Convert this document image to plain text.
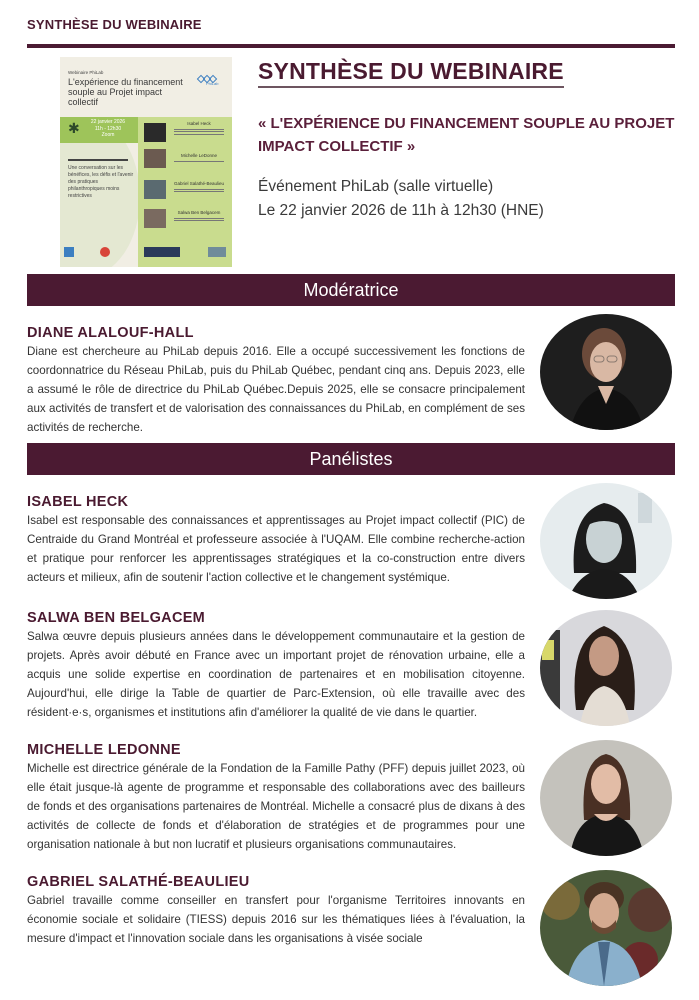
SYNTHÈSE DU WEBINAIRE
Webinaire PhiLab
L'expérience du financement souple au Projet impact collectif
PhiLab
✱	22 janvier 2026
11h - 12h30
Zoom
Une conversation sur les bénéfices, les défis et l'avenir des pratiques philanthropiques moins restrictives
Isabel Heck
Michelle LeDonne
Gabriel Salathé-Beaulieu
Salwa Ben Belgacem
SYNTHÈSE DU WEBINAIRE
« L'EXPÉRIENCE DU FINANCEMENT SOUPLE AU PROJET IMPACT COLLECTIF »
Événement PhiLab (salle virtuelle)
Le 22 janvier 2026 de 11h à 12h30 (HNE)
Modératrice
DIANE ALALOUF-HALL
Diane est chercheure au PhiLab depuis 2016. Elle a occupé successivement les fonctions de coordonnatrice du Réseau PhiLab, puis du PhiLab Québec, pendant cinq ans. Depuis 2023, elle a assumé le rôle de directrice du PhiLab Québec.Depuis 2025, elle se consacre principalement aux activités de transfert et de valorisation des connaissances du PhiLab, en complément de ses activités de recherche.
Panélistes
ISABEL HECK
Isabel est responsable des connaissances et apprentissages au Projet impact collectif (PIC) de Centraide du Grand Montréal et professeure associée à l'UQAM. Elle combine recherche-action et pratique pour renforcer les apprentissages stratégiques et la co-construction entre divers acteurs et milieux, afin de soutenir l'action collective et le changement systémique.
SALWA BEN BELGACEM
Salwa œuvre depuis plusieurs années dans le développement communautaire et la gestion de projets. Après avoir débuté en France avec un important projet de rénovation urbaine, elle a acquis une solide expertise en coordination de partenaires et en mobilisation citoyenne. Aujourd'hui, elle dirige la Table de quartier de Parc-Extension, où elle travaille avec des résident·e·s, organismes et institutions afin d'améliorer la qualité de vie dans le quartier.
MICHELLE LEDONNE
Michelle est directrice générale de la Fondation de la Famille Pathy (PFF) depuis juillet 2023, où elle était jusque-là agente de programme et responsable des collaborations avec des bailleurs de fonds et des organisations partenaires de Montréal. Michelle a consacré plus de dixans à des activités de collecte de fonds et d'élaboration de stratégies et de programmes pour une organisation nationale à but non lucratif et plusieurs organisations communautaires.
GABRIEL SALATHÉ-BEAULIEU
Gabriel travaille comme conseiller en transfert pour l'organisme Territoires innovants en économie sociale et solidaire (TIESS) depuis 2016 sur les thématiques liées à l'évaluation, la mesure d'impact et l'innovation sociale dans les organisations à visée sociale
